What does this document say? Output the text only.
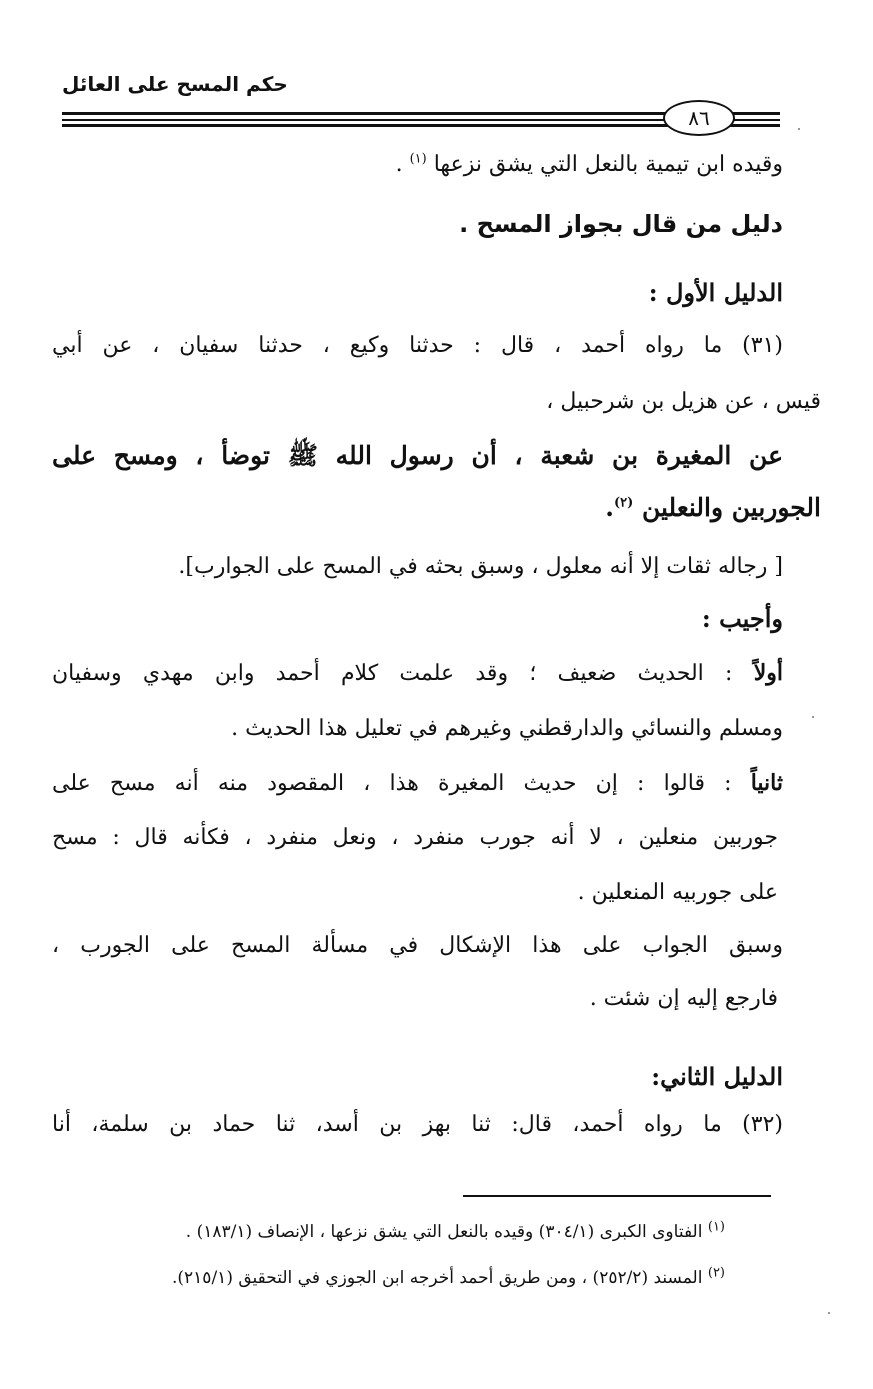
حكم المسح على العائل
٨٦
وقيده ابن تيمية بالنعل التي يشق نزعها $^{(١)}$ .
دليل من قال بجواز المسح .
الدليل الأول :
(٣١) ما رواه أحمد ، قال : حدثنا وكيع ، حدثنا سفيان ، عن أبي
قيس ، عن هزيل بن شرحبيل ،
عن المغيرة بن شعبة ، أن رسول الله ﷺ توضأ ، ومسح على
الجوربين والنعلين $^{(٢)}$.
[ رجاله ثقات إلا أنه معلول ، وسبق بحثه في المسح على الجوارب].
وأجيب :
أولاً : الحديث ضعيف ؛ وقد علمت كلام أحمد وابن مهدي وسفيان
ومسلم والنسائي والدارقطني وغيرهم في تعليل هذا الحديث .
ثانياً : قالوا : إن حديث المغيرة هذا ، المقصود منه أنه مسح على
جوربين منعلين ، لا أنه جورب منفرد ، ونعل منفرد ، فكأنه قال : مسح
على جوربيه المنعلين .
وسبق الجواب على هذا الإشكال في مسألة المسح على الجورب ،
فارجع إليه إن شئت .
الدليل الثاني:
(٣٢) ما رواه أحمد، قال: ثنا بهز بن أسد، ثنا حماد بن سلمة، أنا
$^{(١)}$ الفتاوى الكبرى (٣٠٤/١) وقيده بالنعل التي يشق نزعها ، الإنصاف (١٨٣/١) .
$^{(٢)}$ المسند (٢٥٢/٢) ، ومن طريق أحمد أخرجه ابن الجوزي في التحقيق (٢١٥/١).
